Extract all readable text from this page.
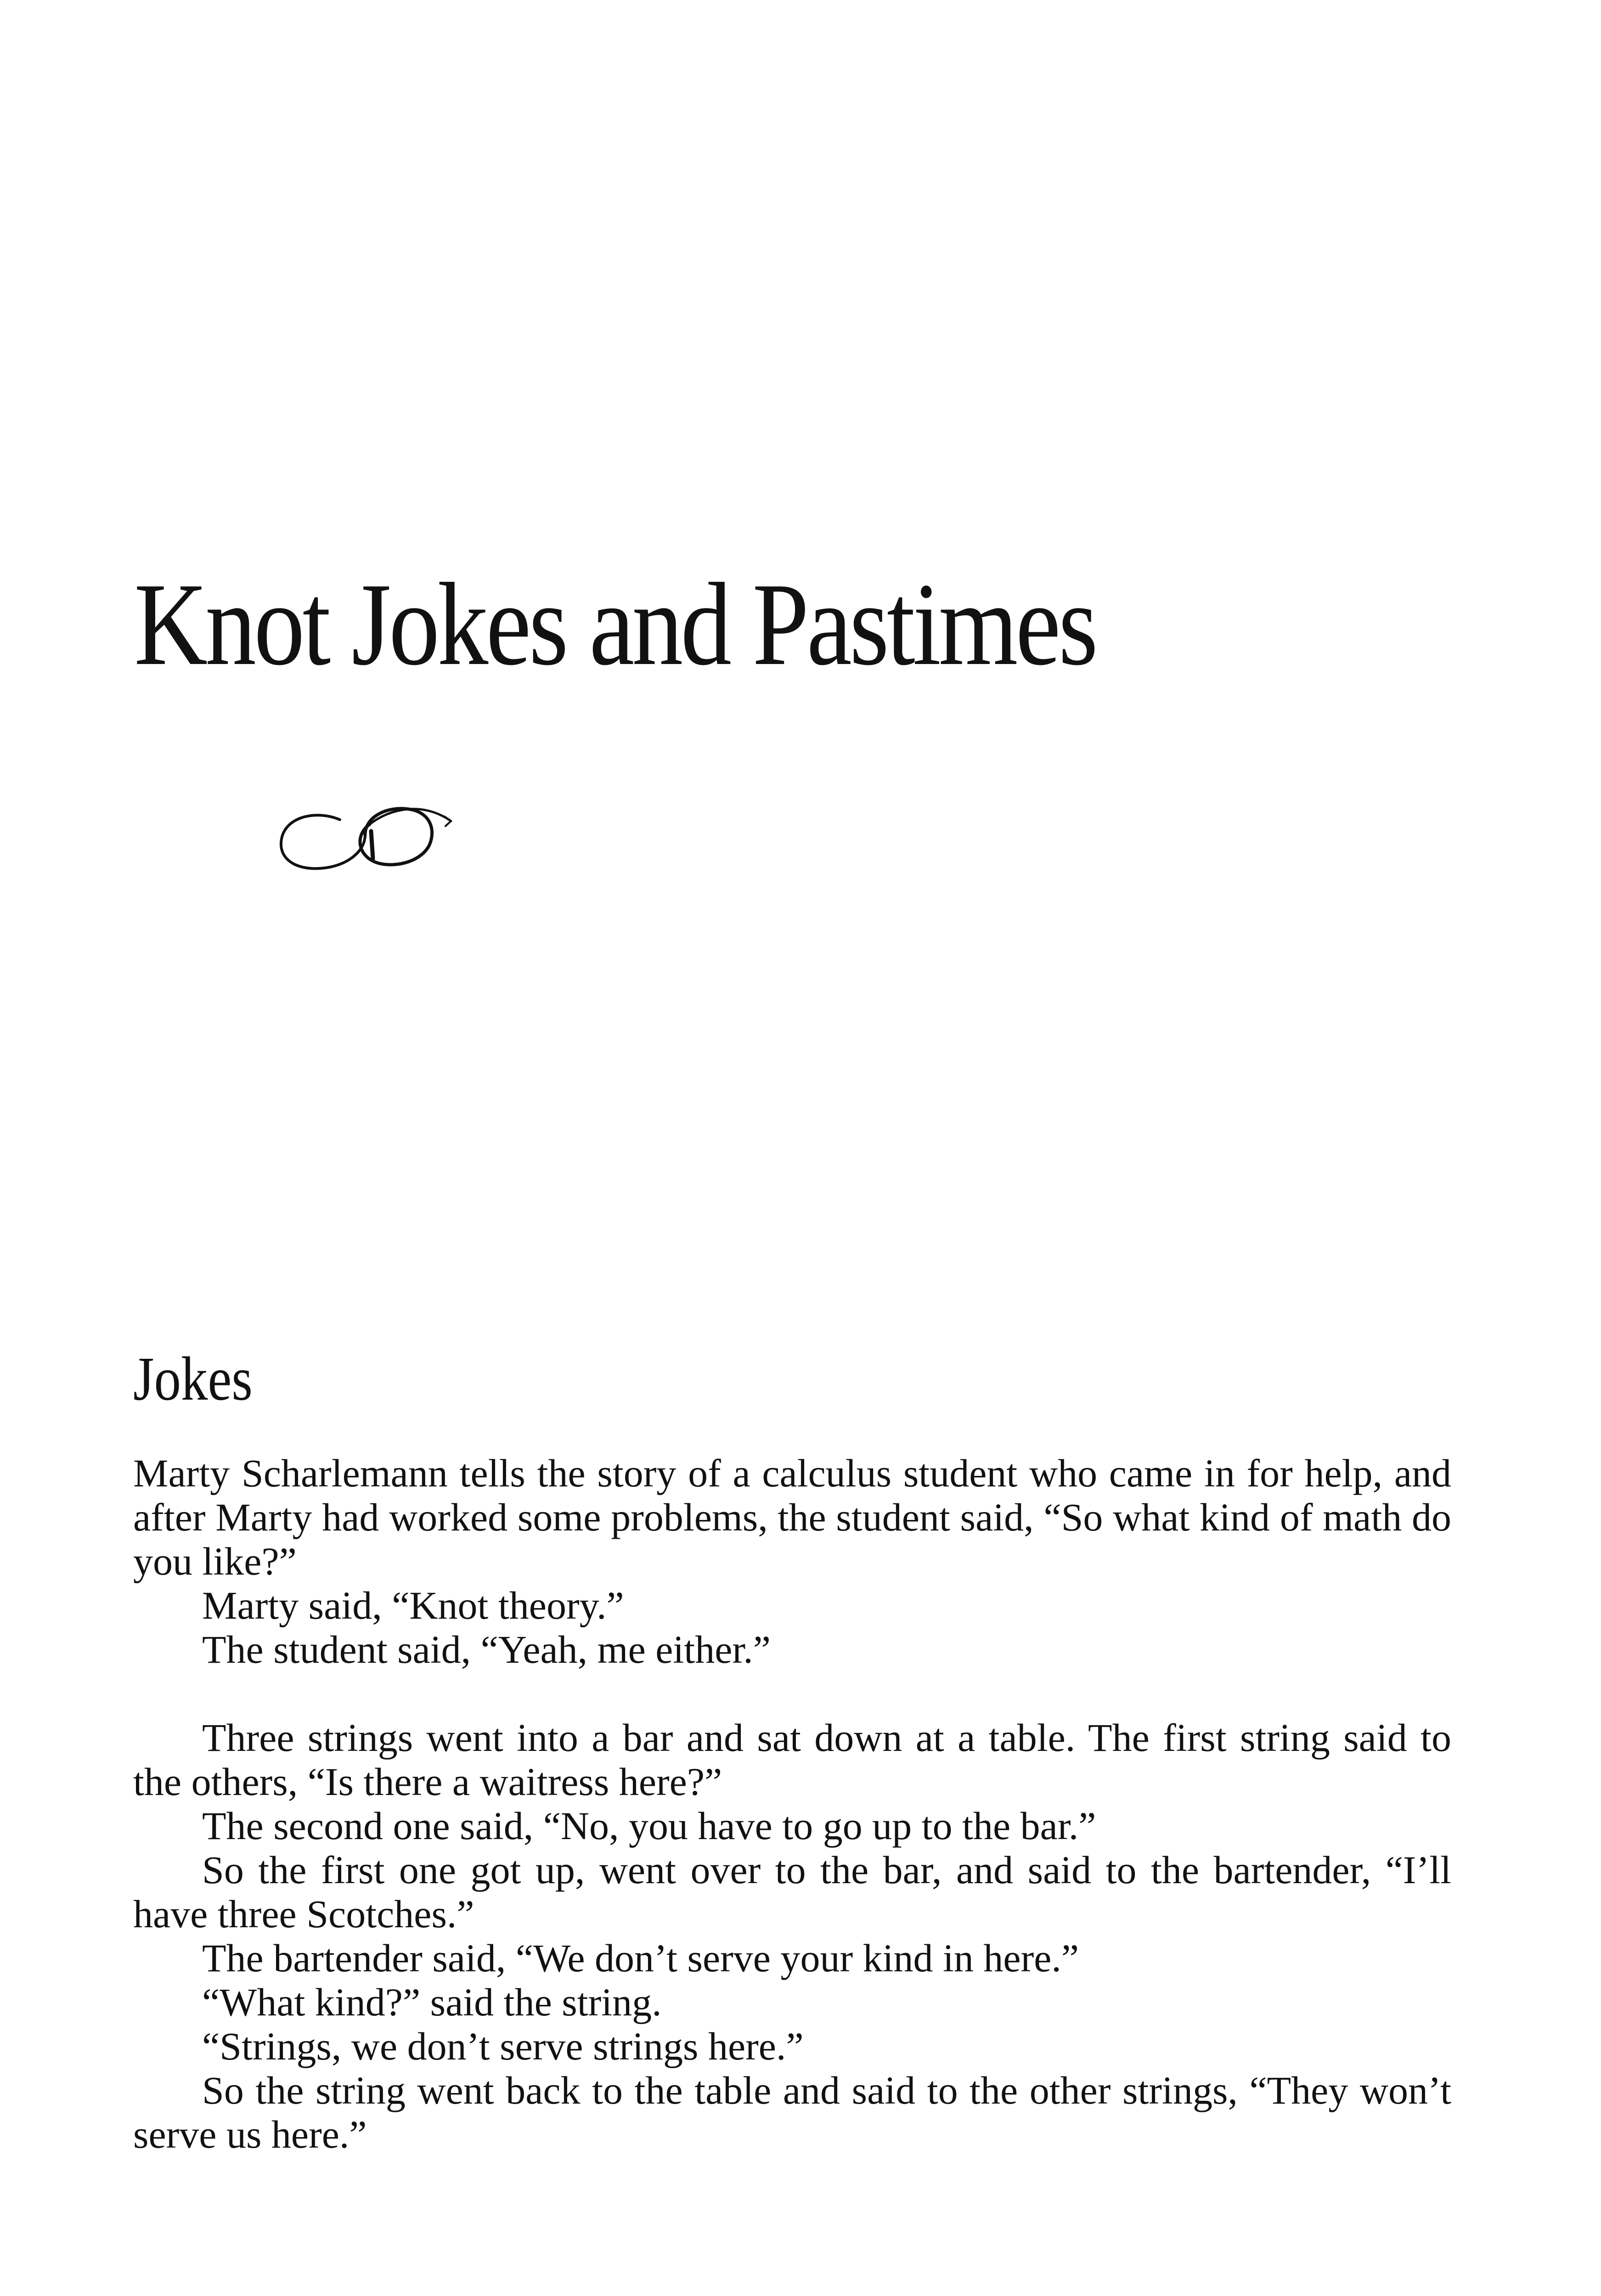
Knot Jokes and Pastimes
Jokes

Marty Scharlemann tells the story of a calculus student who came in for help, and after Marty had worked some problems, the student said, “So what kind of math do you like?”

Marty said, “Knot theory.”

The student said, “Yeah, me either.”

Three strings went into a bar and sat down at a table. The first string said to the others, “Is there a waitress here?”

The second one said, “No, you have to go up to the bar.”

So the first one got up, went over to the bar, and said to the bartender, “I’ll have three Scotches.”

The bartender said, “We don’t serve your kind in here.”

“What kind?” said the string.

“Strings, we don’t serve strings here.”

So the string went back to the table and said to the other strings, “They won’t serve us here.”
